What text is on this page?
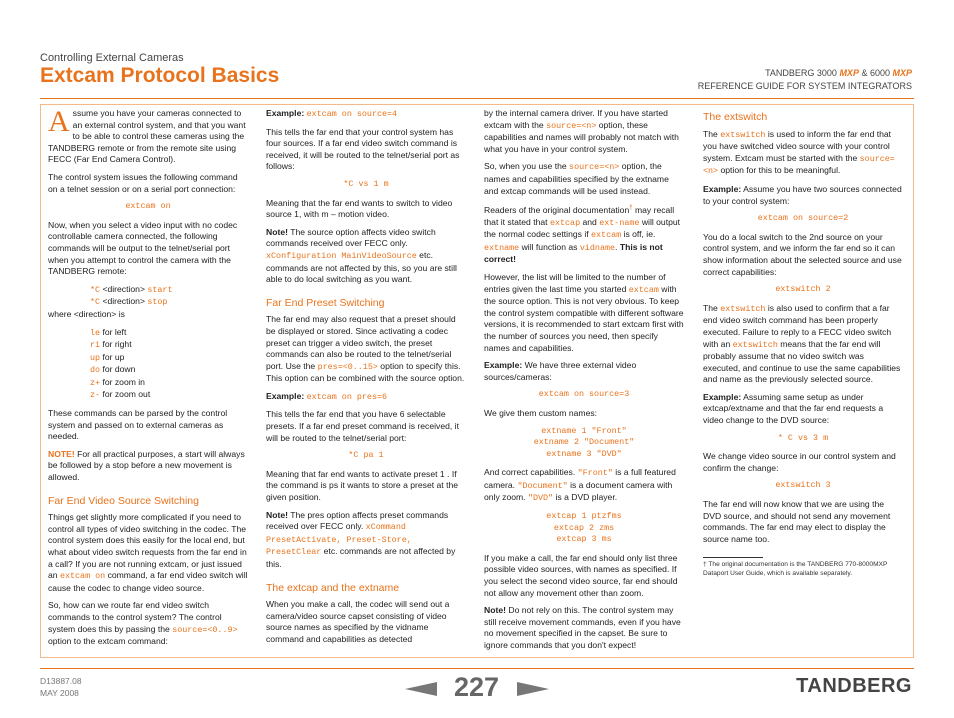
Controlling External Cameras
Extcam Protocol Basics	TANDBERG 3000 MXP & 6000 MXP
REFERENCE GUIDE FOR SYSTEM INTEGRATORS

Assume you have your cameras connected to an external control system, and that you want to be able to control these cameras using the TANDBERG remote or from the remote site using FECC (Far End Camera Control).

The control system issues the following command on a telnet session or on a serial port connection:

extcam on

Now, when you select a video input with no codec controllable camera connected, the following commands will be output to the telnet/serial port when you attempt to control the camera with the TANDBERG remote:

*C <direction> start

*C <direction> stop

where <direction> is

le for left
ri for right
up for up
do for down
z+ for zoom in
z- for zoom out

These commands can be parsed by the control system and passed on to external cameras as needed.

NOTE! For all practical purposes, a start will always be followed by a stop before a new movement is allowed.

Far End Video Source Switching

Things get slightly more complicated if you need to control all types of video switching in the codec. The control system does this easily for the local end, but what about video switch requests from the far end in a call? If you are not running extcam, or just issued an extcam on command, a far end video switch will cause the codec to change video source.

So, how can we route far end video switch commands to the control system? The control system does this by passing the source=<0..9> option to the extcam command:

Example: extcam on source=4

This tells the far end that your control system has four sources. If a far end video switch command is received, it will be routed to the telnet/serial port as follows:

*C vs 1 m

Meaning that the far end wants to switch to video source 1, with m – motion video.

Note! The source option affects video switch commands received over FECC only. xConfiguration MainVideoSource etc. commands are not affected by this, so you are still able to do local switching as you want.

Far End Preset Switching

The far end may also request that a preset should be displayed or stored. Since activating a codec preset can trigger a video switch, the preset commands can also be routed to the telnet/serial port. Use the pres=<0..15> option to specify this. This option can be combined with the source option.

Example: extcam on pres=6

This tells the far end that you have 6 selectable presets. If a far end preset command is received, it will be routed to the telnet/serial port:

*C pa 1

Meaning that far end wants to activate preset 1 . If the command is ps it wants to store a preset at the given position.

Note! The pres option affects preset commands received over FECC only. xCommand PresetActivate, Preset-Store, PresetClear etc. commands are not affected by this.

The extcap and the extname

When you make a call, the codec will send out a camera/video source capset consisting of video source names as specified by the vidname command and capabilities as detected

by the internal camera driver. If you have started extcam with the source=<n> option, these capabilities and names will probably not match with what you have in your control system.

So, when you use the source=<n> option, the names and capabilities specified by the extname and extcap commands will be used instead.

Readers of the original documentation† may recall that it stated that extcap and ext-name will output the normal codec settings if extcam is off, ie. extname will function as vidname. This is not correct!

However, the list will be limited to the number of entries given the last time you started extcam with the source option. This is not very obvious. To keep the control system compatible with different software versions, it is recommended to start extcam first with the number of sources you need, then specify names and capabilities.

Example: We have three external video sources/cameras:

extcam on source=3

We give them custom names:

extname 1 "Front"
extname 2 "Document"
extname 3 "DVD"

And correct capabilities. "Front" is a full featured camera. "Document" is a document camera with only zoom. "DVD" is a DVD player.

extcap 1 ptzfms
extcap 2 zms
extcap 3 ms

If you make a call, the far end should only list three possible video sources, with names as specified. If you select the second video source, far end should not allow any movement other than zoom.

Note! Do not rely on this. The control system may still receive movement commands, even if you have no movement specified in the capset. Be sure to ignore commands that you don't expect!

The extswitch

The extswitch is used to inform the far end that you have switched video source with your control system. Extcam must be started with the source=<n> option for this to be meaningful.

Example: Assume you have two sources connected to your control system:

extcam on source=2

You do a local switch to the 2nd source on your control system, and we inform the far end so it can show information about the selected source and use correct capabilities:

extswitch 2

The extswitch is also used to confirm that a far end video switch command has been properly executed. Failure to reply to a FECC video switch with an extswitch means that the far end will probably assume that no video switch was executed, and continue to use the same capabilities and name as the previously selected source.

Example: Assuming same setup as under extcap/extname and that the far end requests a video change to the DVD source:

* C vs 3 m

We change video source in our control system and confirm the change:

extswitch 3

The far end will now know that we are using the DVD source, and should not send any movement commands. The far end may elect to display the source name too.

† The original documentation is the TANDBERG 770-8000MXP Dataport User Guide, which is available separately.
D13887.08
MAY 2008	227	TANDBERG
